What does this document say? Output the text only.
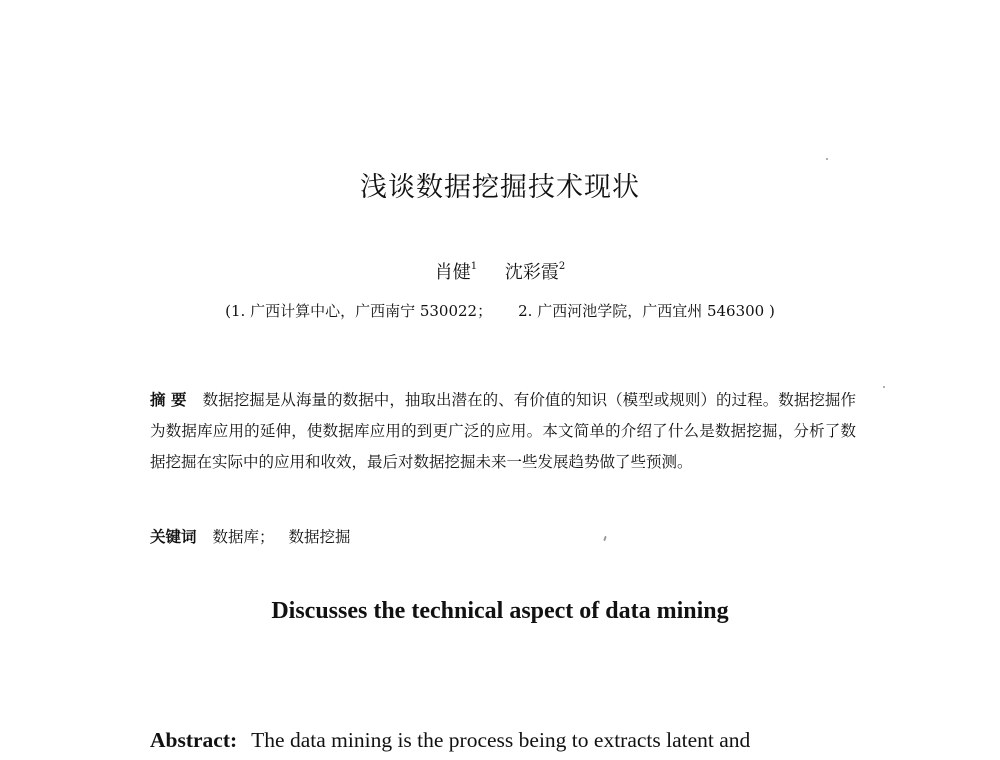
浅谈数据挖掘技术现状
肖健$^1$ 沈彩霞$^2$
(1. 广西计算中心，广西南宁 530022； 2. 广西河池学院，广西宜州 546300 )
摘 要 数据挖掘是从海量的数据中，抽取出潜在的、有价值的知识（模型或规则）的过程。数据挖掘作为数据库应用的延伸，使数据库应用的到更广泛的应用。本文简单的介绍了什么是数据挖掘，分析了数据挖掘在实际中的应用和收效，最后对数据挖掘未来一些发展趋势做了些预测。
关键词 数据库； 数据挖掘
Discusses the technical aspect of data mining
Abstract: The data mining is the process being to extracts latent and
